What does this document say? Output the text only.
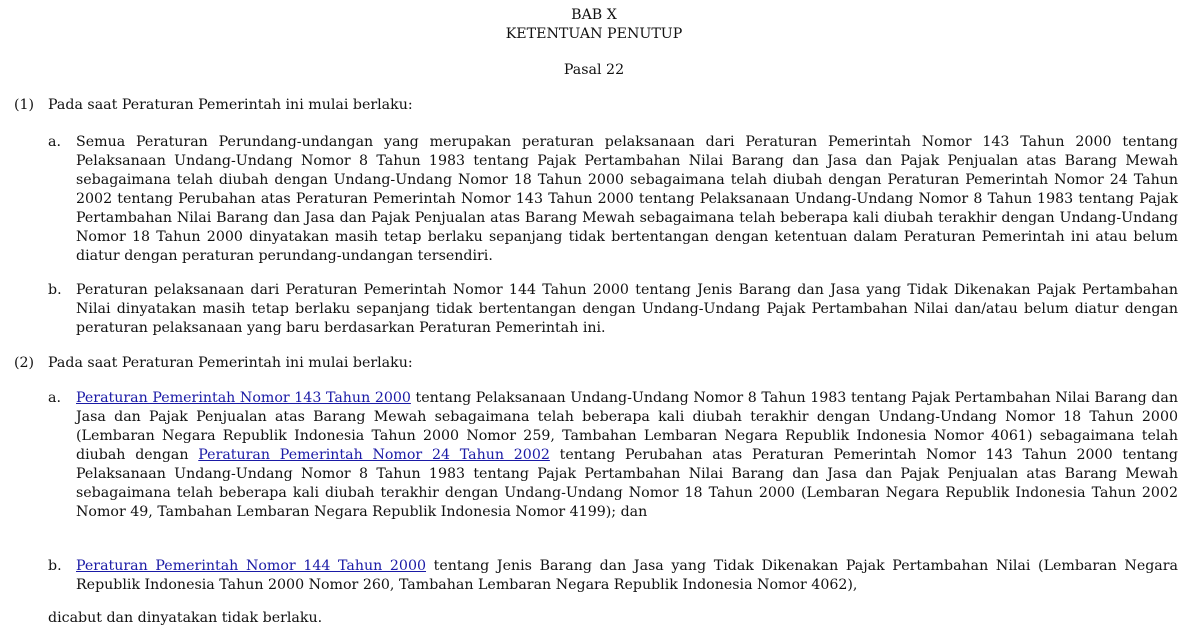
BAB X
KETENTUAN PENUTUP
Pasal 22
(1) Pada saat Peraturan Pemerintah ini mulai berlaku:
a. Semua Peraturan Perundang-undangan yang merupakan peraturan pelaksanaan dari Peraturan Pemerintah Nomor 143 Tahun 2000 tentang Pelaksanaan Undang-Undang Nomor 8 Tahun 1983 tentang Pajak Pertambahan Nilai Barang dan Jasa dan Pajak Penjualan atas Barang Mewah sebagaimana telah diubah dengan Undang-Undang Nomor 18 Tahun 2000 sebagaimana telah diubah dengan Peraturan Pemerintah Nomor 24 Tahun 2002 tentang Perubahan atas Peraturan Pemerintah Nomor 143 Tahun 2000 tentang Pelaksanaan Undang-Undang Nomor 8 Tahun 1983 tentang Pajak Pertambahan Nilai Barang dan Jasa dan Pajak Penjualan atas Barang Mewah sebagaimana telah beberapa kali diubah terakhir dengan Undang-Undang Nomor 18 Tahun 2000 dinyatakan masih tetap berlaku sepanjang tidak bertentangan dengan ketentuan dalam Peraturan Pemerintah ini atau belum diatur dengan peraturan perundang-undangan tersendiri.
b. Peraturan pelaksanaan dari Peraturan Pemerintah Nomor 144 Tahun 2000 tentang Jenis Barang dan Jasa yang Tidak Dikenakan Pajak Pertambahan Nilai dinyatakan masih tetap berlaku sepanjang tidak bertentangan dengan Undang-Undang Pajak Pertambahan Nilai dan/atau belum diatur dengan peraturan pelaksanaan yang baru berdasarkan Peraturan Pemerintah ini.
(2) Pada saat Peraturan Pemerintah ini mulai berlaku:
a. Peraturan Pemerintah Nomor 143 Tahun 2000 tentang Pelaksanaan Undang-Undang Nomor 8 Tahun 1983 tentang Pajak Pertambahan Nilai Barang dan Jasa dan Pajak Penjualan atas Barang Mewah sebagaimana telah beberapa kali diubah terakhir dengan Undang-Undang Nomor 18 Tahun 2000 (Lembaran Negara Republik Indonesia Tahun 2000 Nomor 259, Tambahan Lembaran Negara Republik Indonesia Nomor 4061) sebagaimana telah diubah dengan Peraturan Pemerintah Nomor 24 Tahun 2002 tentang Perubahan atas Peraturan Pemerintah Nomor 143 Tahun 2000 tentang Pelaksanaan Undang-Undang Nomor 8 Tahun 1983 tentang Pajak Pertambahan Nilai Barang dan Jasa dan Pajak Penjualan atas Barang Mewah sebagaimana telah beberapa kali diubah terakhir dengan Undang-Undang Nomor 18 Tahun 2000 (Lembaran Negara Republik Indonesia Tahun 2002 Nomor 49, Tambahan Lembaran Negara Republik Indonesia Nomor 4199); dan
b. Peraturan Pemerintah Nomor 144 Tahun 2000 tentang Jenis Barang dan Jasa yang Tidak Dikenakan Pajak Pertambahan Nilai (Lembaran Negara Republik Indonesia Tahun 2000 Nomor 260, Tambahan Lembaran Negara Republik Indonesia Nomor 4062),
dicabut dan dinyatakan tidak berlaku.
